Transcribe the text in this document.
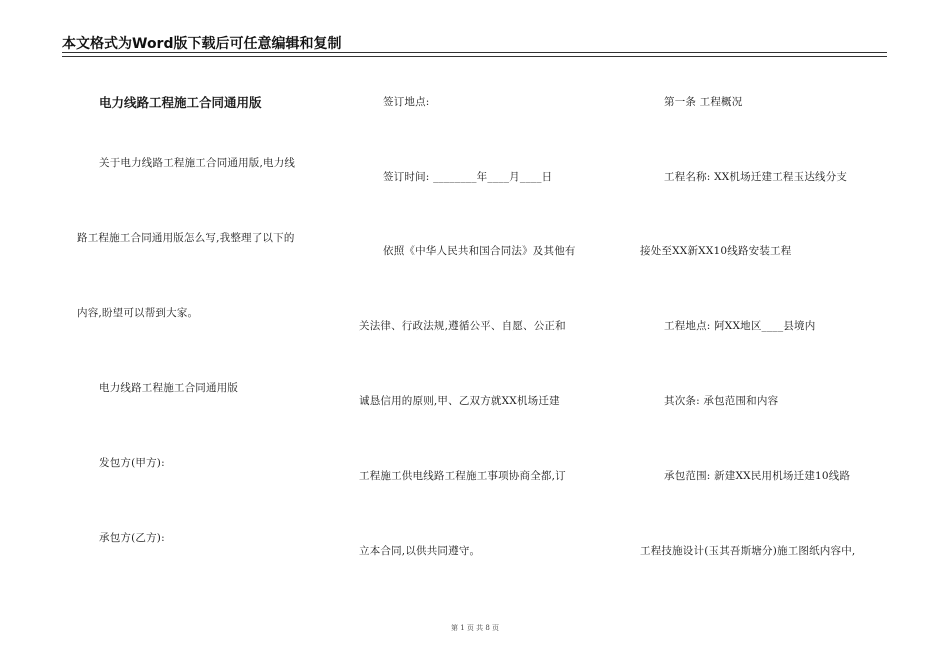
本文格式为Word版下载后可任意编辑和复制
电力线路工程施工合同通用版
关于电力线路工程施工合同通用版,电力线
路工程施工合同通用版怎么写,我整理了以下的
内容,盼望可以帮到大家。
电力线路工程施工合同通用版
发包方(甲方):
承包方(乙方):
签订地点:
签订时间: ________年____月____日
依照《中华人民共和国合同法》及其他有
关法律、行政法规,遵循公平、自愿、公正和
诚恳信用的原则,甲、乙双方就XX机场迁建
工程施工供电线路工程施工事项协商全都,订
立本合同,以供共同遵守。
第一条 工程概况
工程名称: XX机场迁建工程玉达线分支
接处至XX新XX10线路安装工程
工程地点: 阿XX地区____县境内
其次条: 承包范围和内容
承包范围: 新建XX民用机场迁建10线路
工程技施设计(玉其吾斯塘分)施工图纸内容中,
第 1 页 共 8 页
